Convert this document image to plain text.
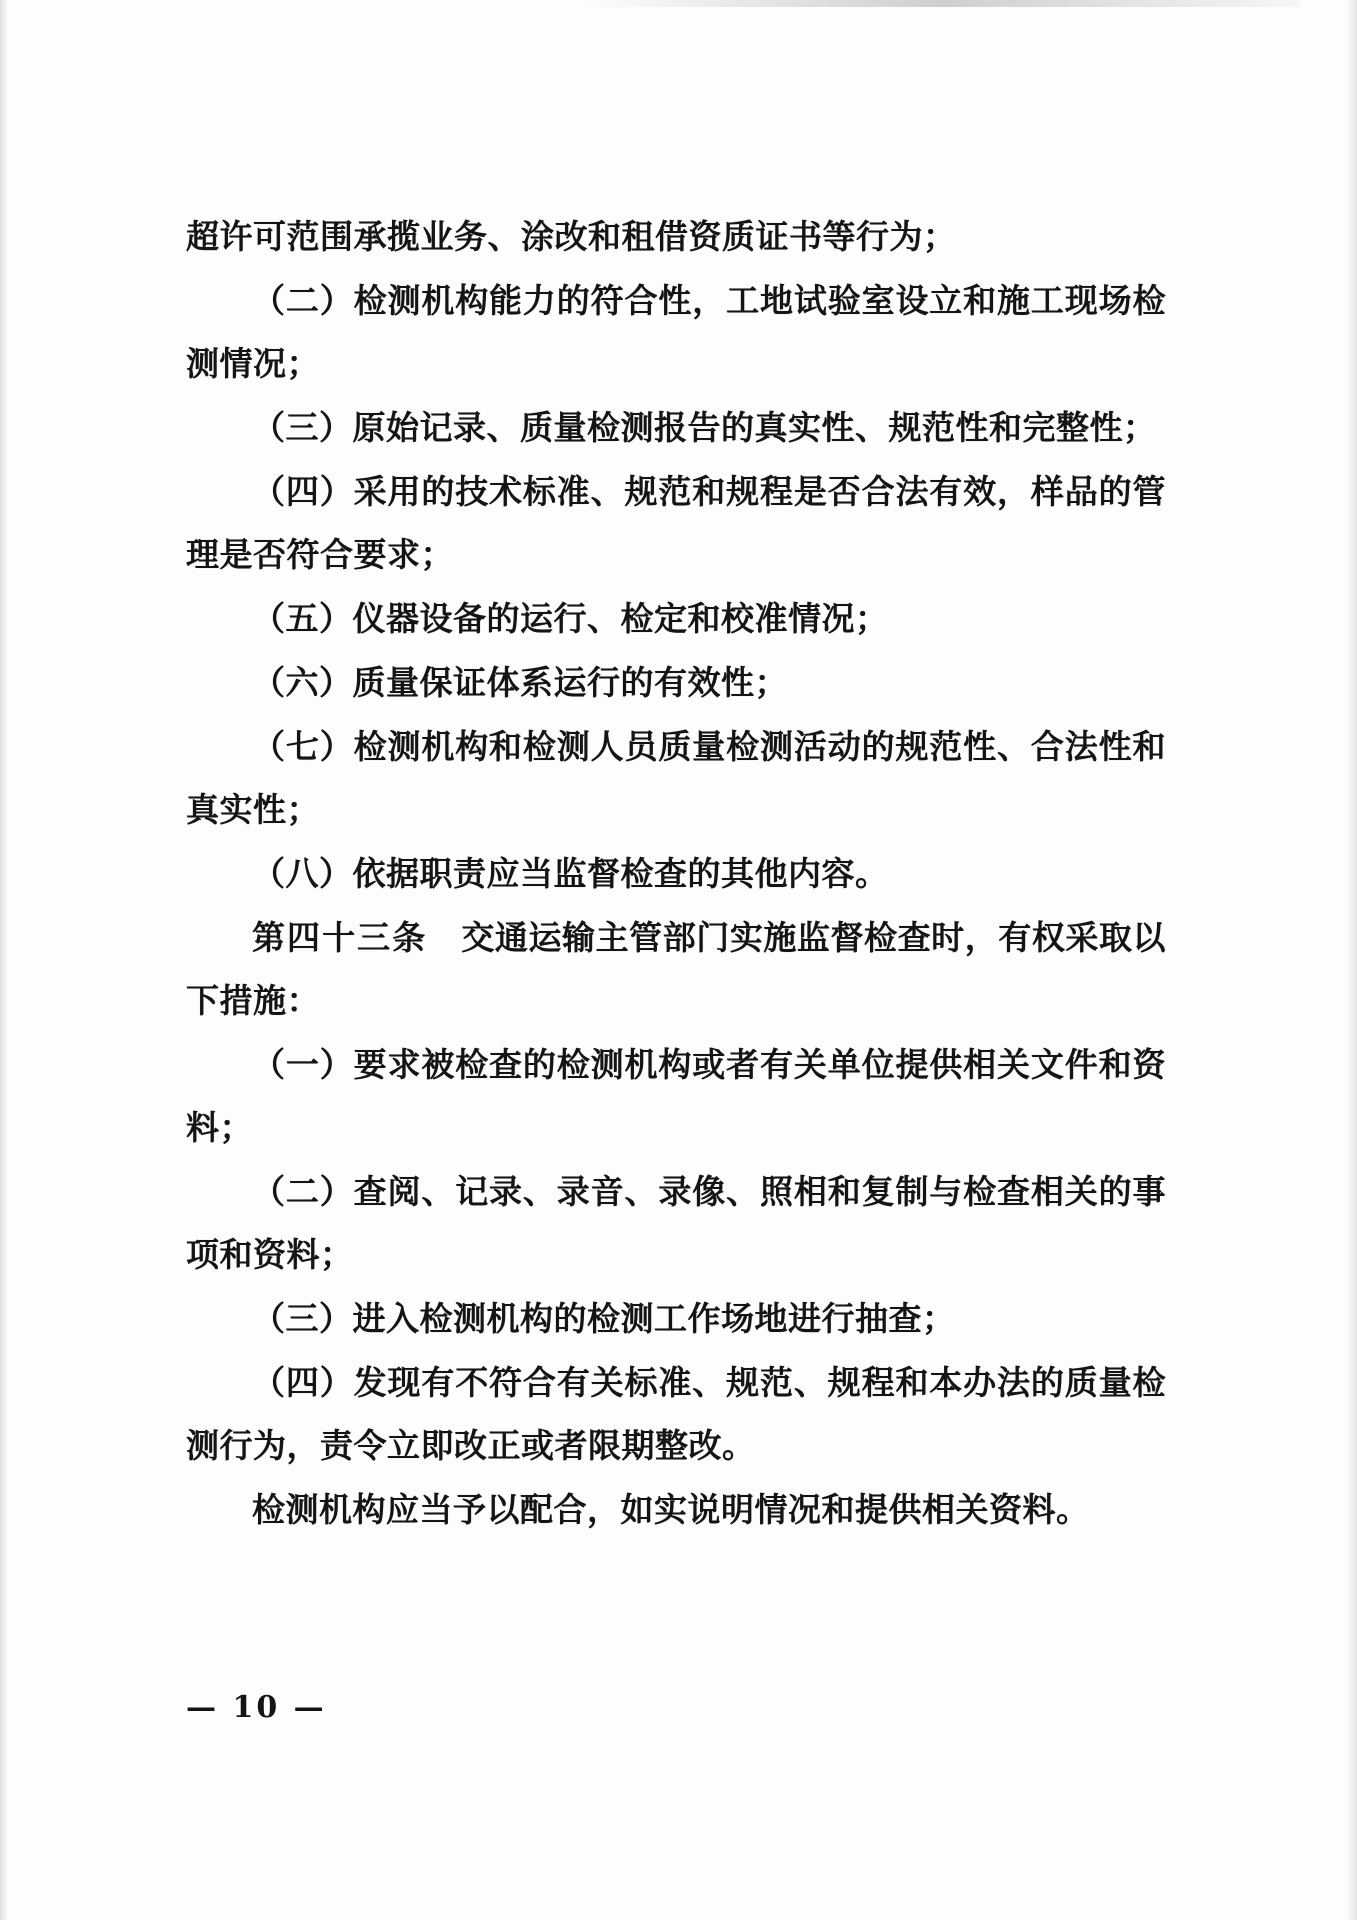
超许可范围承揽业务、涂改和租借资质证书等行为；

（二）检测机构能力的符合性，工地试验室设立和施工现场检测情况；

（三）原始记录、质量检测报告的真实性、规范性和完整性；

（四）采用的技术标准、规范和规程是否合法有效，样品的管理是否符合要求；

（五）仪器设备的运行、检定和校准情况；

（六）质量保证体系运行的有效性；

（七）检测机构和检测人员质量检测活动的规范性、合法性和真实性；

（八）依据职责应当监督检查的其他内容。

第四十三条 交通运输主管部门实施监督检查时，有权采取以下措施：

（一）要求被检查的检测机构或者有关单位提供相关文件和资料；

（二）查阅、记录、录音、录像、照相和复制与检查相关的事项和资料；

（三）进入检测机构的检测工作场地进行抽查；

（四）发现有不符合有关标准、规范、规程和本办法的质量检测行为，责令立即改正或者限期整改。

检测机构应当予以配合，如实说明情况和提供相关资料。

— 10 —
